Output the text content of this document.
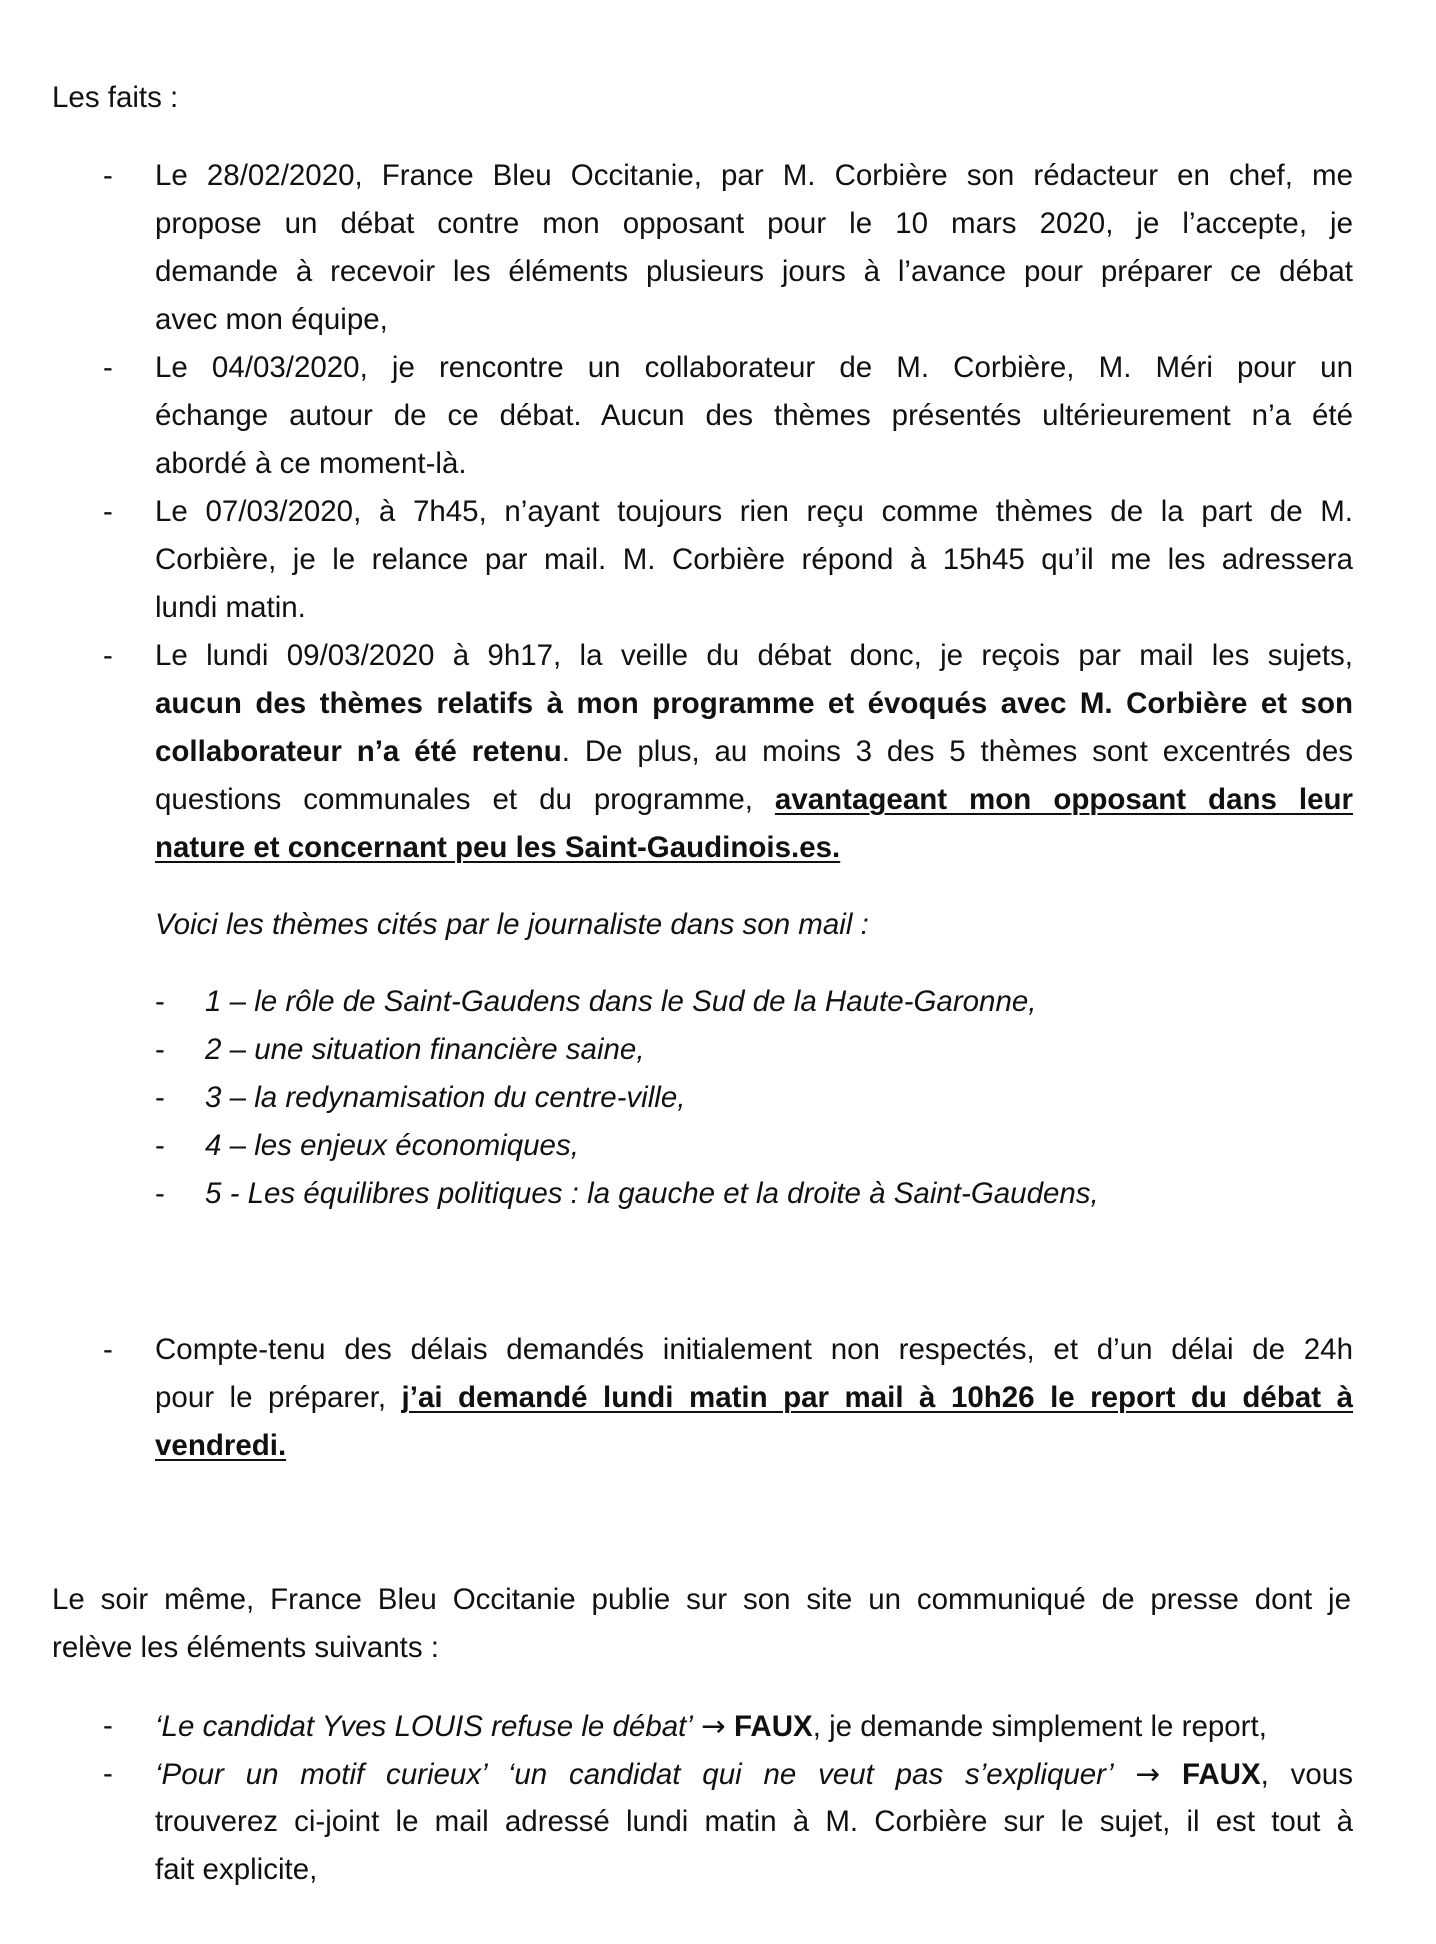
Les faits :
- Le 28/02/2020, France Bleu Occitanie, par M. Corbière son rédacteur en chef, me
propose un débat contre mon opposant pour le 10 mars 2020, je l’accepte, je
demande à recevoir les éléments plusieurs jours à l’avance pour préparer ce débat
avec mon équipe,
- Le 04/03/2020, je rencontre un collaborateur de M. Corbière, M. Méri pour un
échange autour de ce débat. Aucun des thèmes présentés ultérieurement n’a été
abordé à ce moment-là.
- Le 07/03/2020, à 7h45, n’ayant toujours rien reçu comme thèmes de la part de M.
Corbière, je le relance par mail. M. Corbière répond à 15h45 qu’il me les adressera
lundi matin.
- Le lundi 09/03/2020 à 9h17, la veille du débat donc, je reçois par mail les sujets,
aucun des thèmes relatifs à mon programme et évoqués avec M. Corbière et son
collaborateur n’a été retenu. De plus, au moins 3 des 5 thèmes sont excentrés des
questions communales et du programme, avantageant mon opposant dans leur
nature et concernant peu les Saint-Gaudinois.es.
Voici les thèmes cités par le journaliste dans son mail :
- 1 – le rôle de Saint-Gaudens dans le Sud de la Haute-Garonne,
- 2 – une situation financière saine,
- 3 – la redynamisation du centre-ville,
- 4 – les enjeux économiques,
- 5 - Les équilibres politiques : la gauche et la droite à Saint-Gaudens,
- Compte-tenu des délais demandés initialement non respectés, et d’un délai de 24h
pour le préparer, j’ai demandé lundi matin par mail à 10h26 le report du débat à
vendredi.
Le soir même, France Bleu Occitanie publie sur son site un communiqué de presse dont je
relève les éléments suivants :
- ‘Le candidat Yves LOUIS refuse le débat’ → FAUX, je demande simplement le report,
- ‘Pour un motif curieux’ ‘un candidat qui ne veut pas s’expliquer’ → FAUX, vous
trouverez ci-joint le mail adressé lundi matin à M. Corbière sur le sujet, il est tout à
fait explicite,
